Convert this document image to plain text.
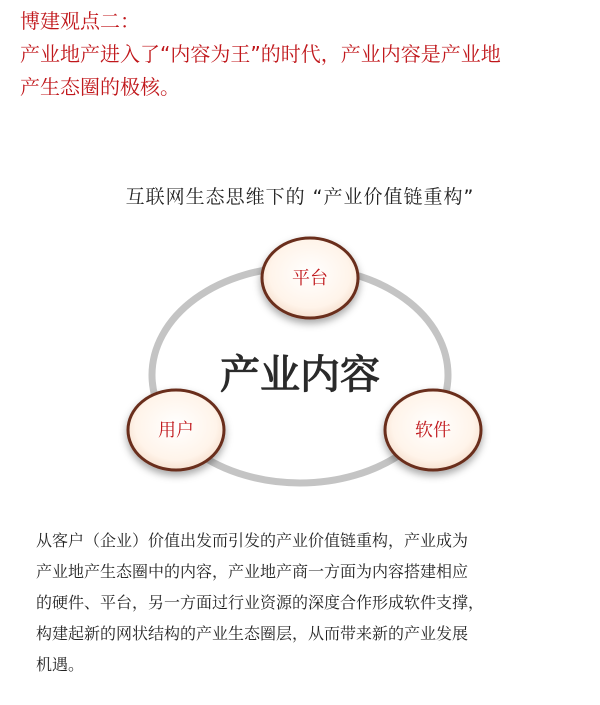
博建观点二：

产业地产进入了“内容为王”的时代，产业内容是产业地

产生态圈的极核。

互联网生态思维下的 “产业价值链重构”
产业内容
平台
用户	软件

从客户（企业）价值出发而引发的产业价值链重构，产业成为

产业地产生态圈中的内容，产业地产商一方面为内容搭建相应

的硬件、平台，另一方面过行业资源的深度合作形成软件支撑，

构建起新的网状结构的产业生态圈层，从而带来新的产业发展

机遇。
